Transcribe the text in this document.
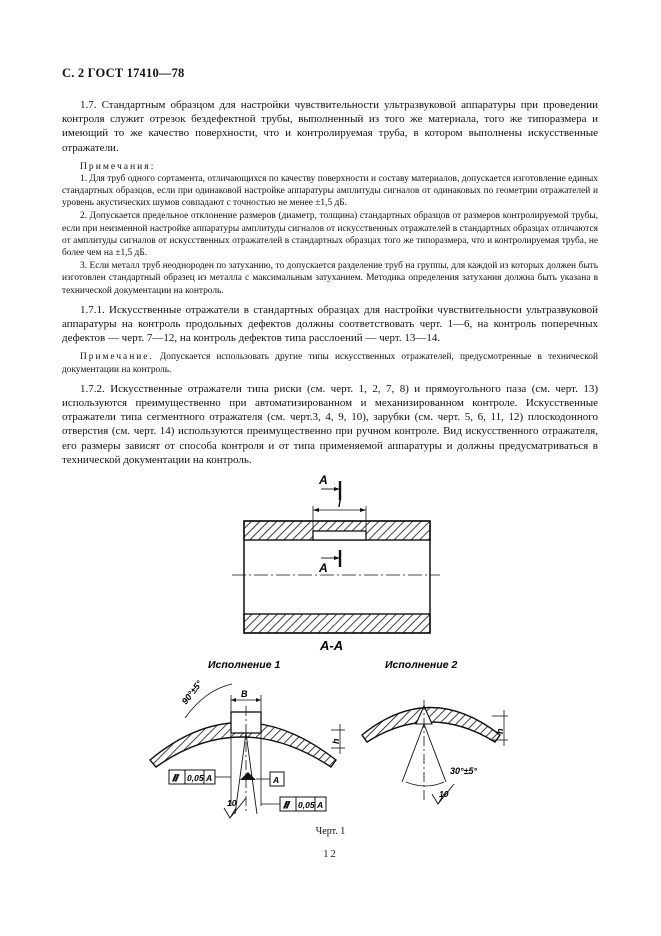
С. 2 ГОСТ 17410—78

1.7. Стандартным образцом для настройки чувствительности ультразвуковой аппаратуры при проведении контроля служит отрезок бездефектной трубы, выполненный из того же материала, того же типоразмера и имеющий то же качество поверхности, что и контролируемая труба, в котором выполнены искусственные отражатели.

Примечания:

1. Для труб одного сортамента, отличающихся по качеству поверхности и составу материалов, допускается изготовление единых стандартных образцов, если при одинаковой настройке аппаратуры амплитуды сигналов от одинаковых по геометрии отражателей и уровень акустических шумов совпадают с точностью не менее ±1,5 дБ.

2. Допускается предельное отклонение размеров (диаметр, толщина) стандартных образцов от размеров контролируемой трубы, если при неизменной настройке аппаратуры амплитуды сигналов от искусственных отражателей в стандартных образцах отличаются от амплитуды сигналов от искусственных отражателей в стандартных образцах того же типоразмера, что и контролируемая труба, не более чем на ±1,5 дБ.

3. Если металл труб неоднороден по затуханию, то допускается разделение труб на группы, для каждой из которых должен быть изготовлен стандартный образец из металла с максимальным затуханием. Методика определения затухания должна быть указана в технической документации на контроль.

1.7.1. Искусственные отражатели в стандартных образцах для настройки чувствительности ультразвуковой аппаратуры на контроль продольных дефектов должны соответствовать черт. 1—6, на контроль поперечных дефектов — черт. 7—12, на контроль дефектов типа расслоений — черт. 13—14.

Примечание. Допускается использовать другие типы искусственных отражателей, предусмотренные в технической документации на контроль.

1.7.2. Искусственные отражатели типа риски (см. черт. 1, 2, 7, 8) и прямоугольного паза (см. черт. 13) используются преимущественно при автоматизированном и механизированном контроле. Искусственные отражатели типа сегментного отражателя (см. черт.3, 4, 9, 10), зарубки (см. черт. 5, 6, 11, 12) плоскодонного отверстия (см. черт. 14) используются преимущественно при ручном контроле. Вид искусственного отражателя, его размеры зависят от способа контроля и от типа применяемой аппаратуры и должны предусматриваться в технической документации на контроль.

А
А
l
А-А
Исполнение 1
//
//
90°±5°	В
h
0,05 А
0,05 А
А
10
Исполнение 2
30°±5°
h
10
Черт. 1
12
